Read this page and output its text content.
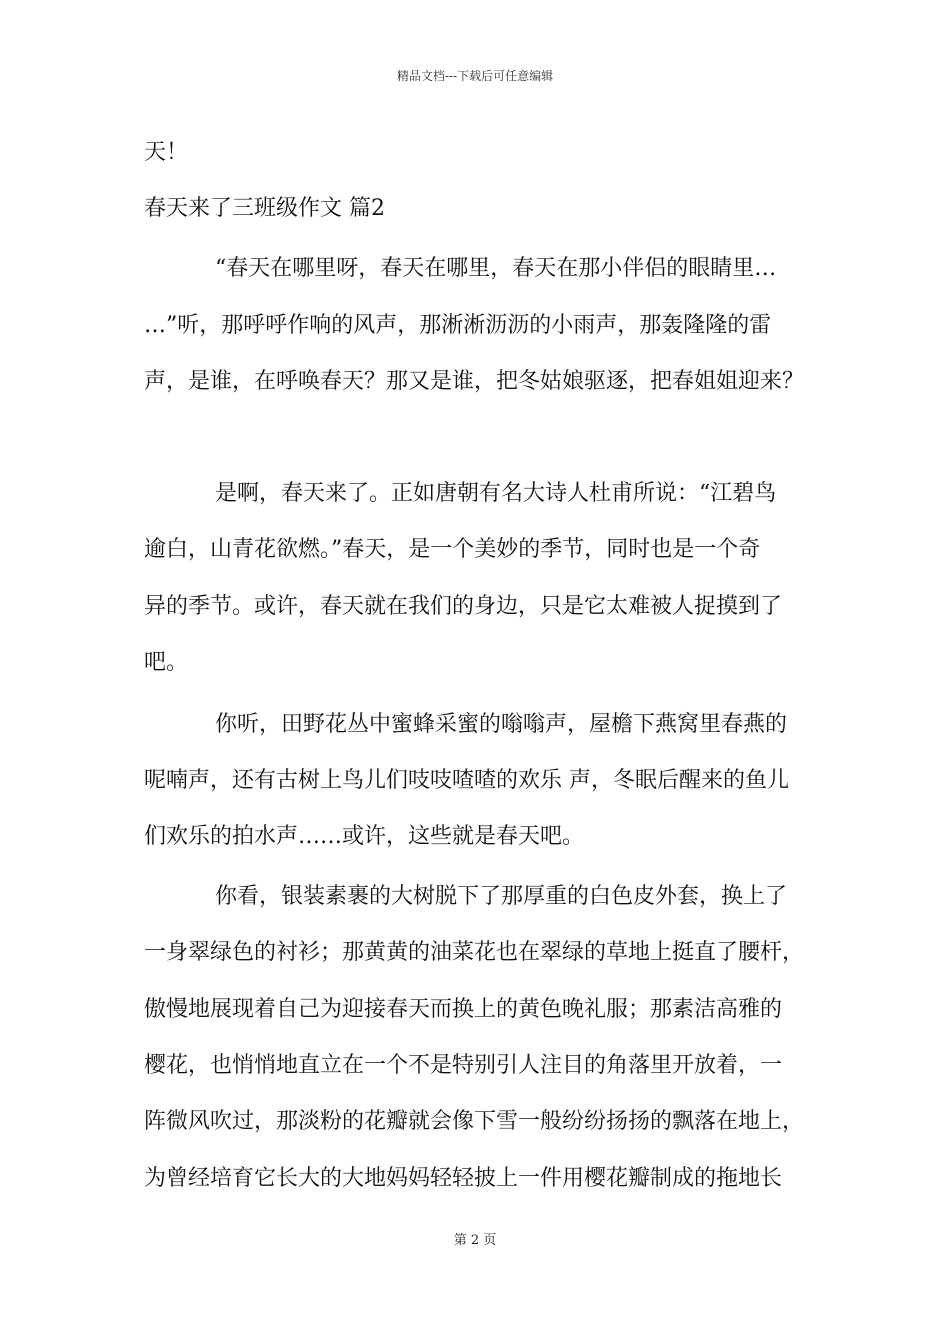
精品文档---下载后可任意编辑
天！
春天来了三班级作文 篇2
“春天在哪里呀，春天在哪里，春天在那小伴侣的眼睛里…
…”听，那呼呼作响的风声，那淅淅沥沥的小雨声，那轰隆隆的雷
声，是谁，在呼唤春天？那又是谁，把冬姑娘驱逐，把春姐姐迎来？
是啊，春天来了。正如唐朝有名大诗人杜甫所说：“江碧鸟
逾白，山青花欲燃。”春天，是一个美妙的季节，同时也是一个奇
异的季节。或许，春天就在我们的身边，只是它太难被人捉摸到了
吧。
你听，田野花丛中蜜蜂采蜜的嗡嗡声，屋檐下燕窝里春燕的
呢喃声，还有古树上鸟儿们吱吱喳喳的欢乐 声，冬眠后醒来的鱼儿
们欢乐的拍水声……或许，这些就是春天吧。
你看，银装素裹的大树脱下了那厚重的白色皮外套，换上了
一身翠绿色的衬衫；那黄黄的油菜花也在翠绿的草地上挺直了腰杆，
傲慢地展现着自己为迎接春天而换上的黄色晚礼服；那素洁高雅的
樱花，也悄悄地直立在一个不是特别引人注目的角落里开放着，一
阵微风吹过，那淡粉的花瓣就会像下雪一般纷纷扬扬的飘落在地上，
为曾经培育它长大的大地妈妈轻轻披上一件用樱花瓣制成的拖地长
第 2 页
